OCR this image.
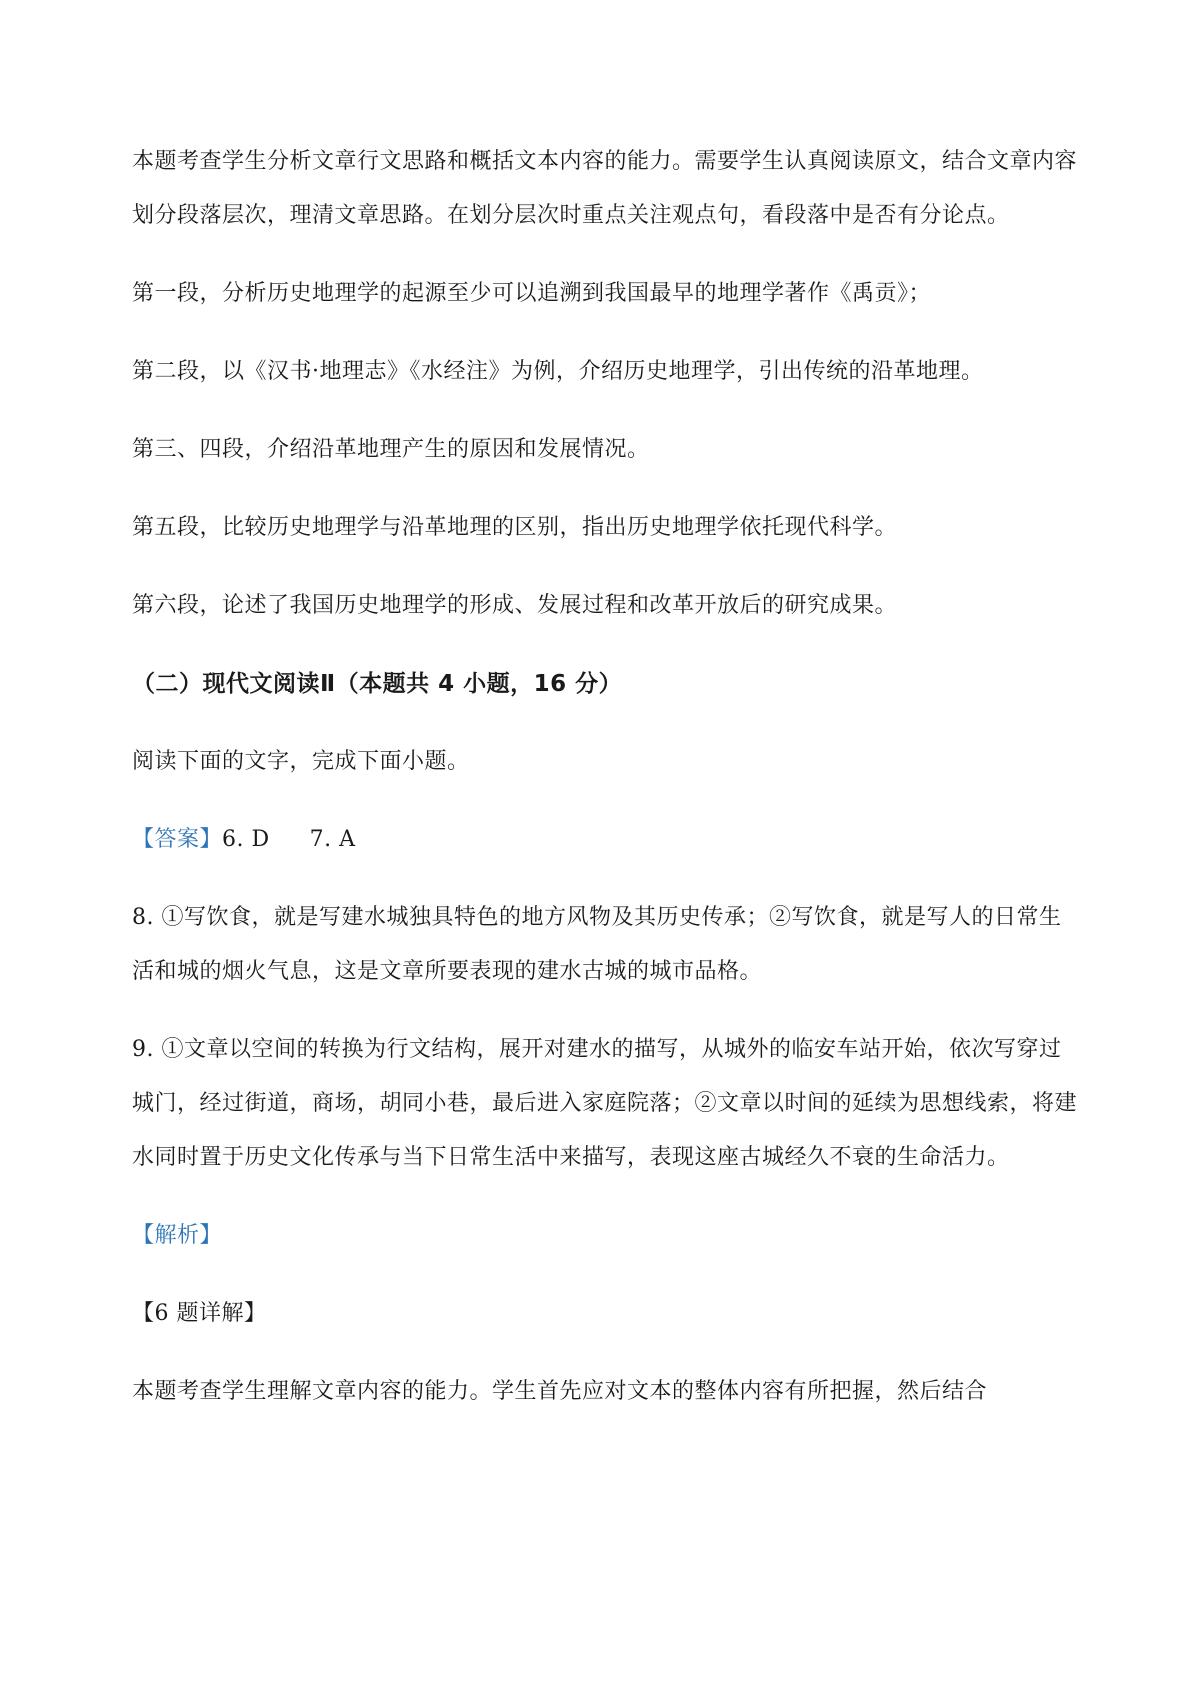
本题考查学生分析文章行文思路和概括文本内容的能力。需要学生认真阅读原文，结合文章内容划分段落层次，理清文章思路。在划分层次时重点关注观点句，看段落中是否有分论点。

第一段，分析历史地理学的起源至少可以追溯到我国最早的地理学著作《禹贡》；

第二段，以《汉书·地理志》《水经注》为例，介绍历史地理学，引出传统的沿革地理。

第三、四段，介绍沿革地理产生的原因和发展情况。

第五段，比较历史地理学与沿革地理的区别，指出历史地理学依托现代科学。

第六段，论述了我国历史地理学的形成、发展过程和改革开放后的研究成果。

（二）现代文阅读Ⅱ（本题共 4 小题，16 分）

阅读下面的文字，完成下面小题。

【答案】6. D 7. A

8. ①写饮食，就是写建水城独具特色的地方风物及其历史传承；②写饮食，就是写人的日常生活和城的烟火气息，这是文章所要表现的建水古城的城市品格。

9. ①文章以空间的转换为行文结构，展开对建水的描写，从城外的临安车站开始，依次写穿过城门，经过街道，商场，胡同小巷，最后进入家庭院落；②文章以时间的延续为思想线索，将建水同时置于历史文化传承与当下日常生活中来描写，表现这座古城经久不衰的生命活力。

【解析】

【6 题详解】

本题考查学生理解文章内容的能力。学生首先应对文本的整体内容有所把握，然后结合
